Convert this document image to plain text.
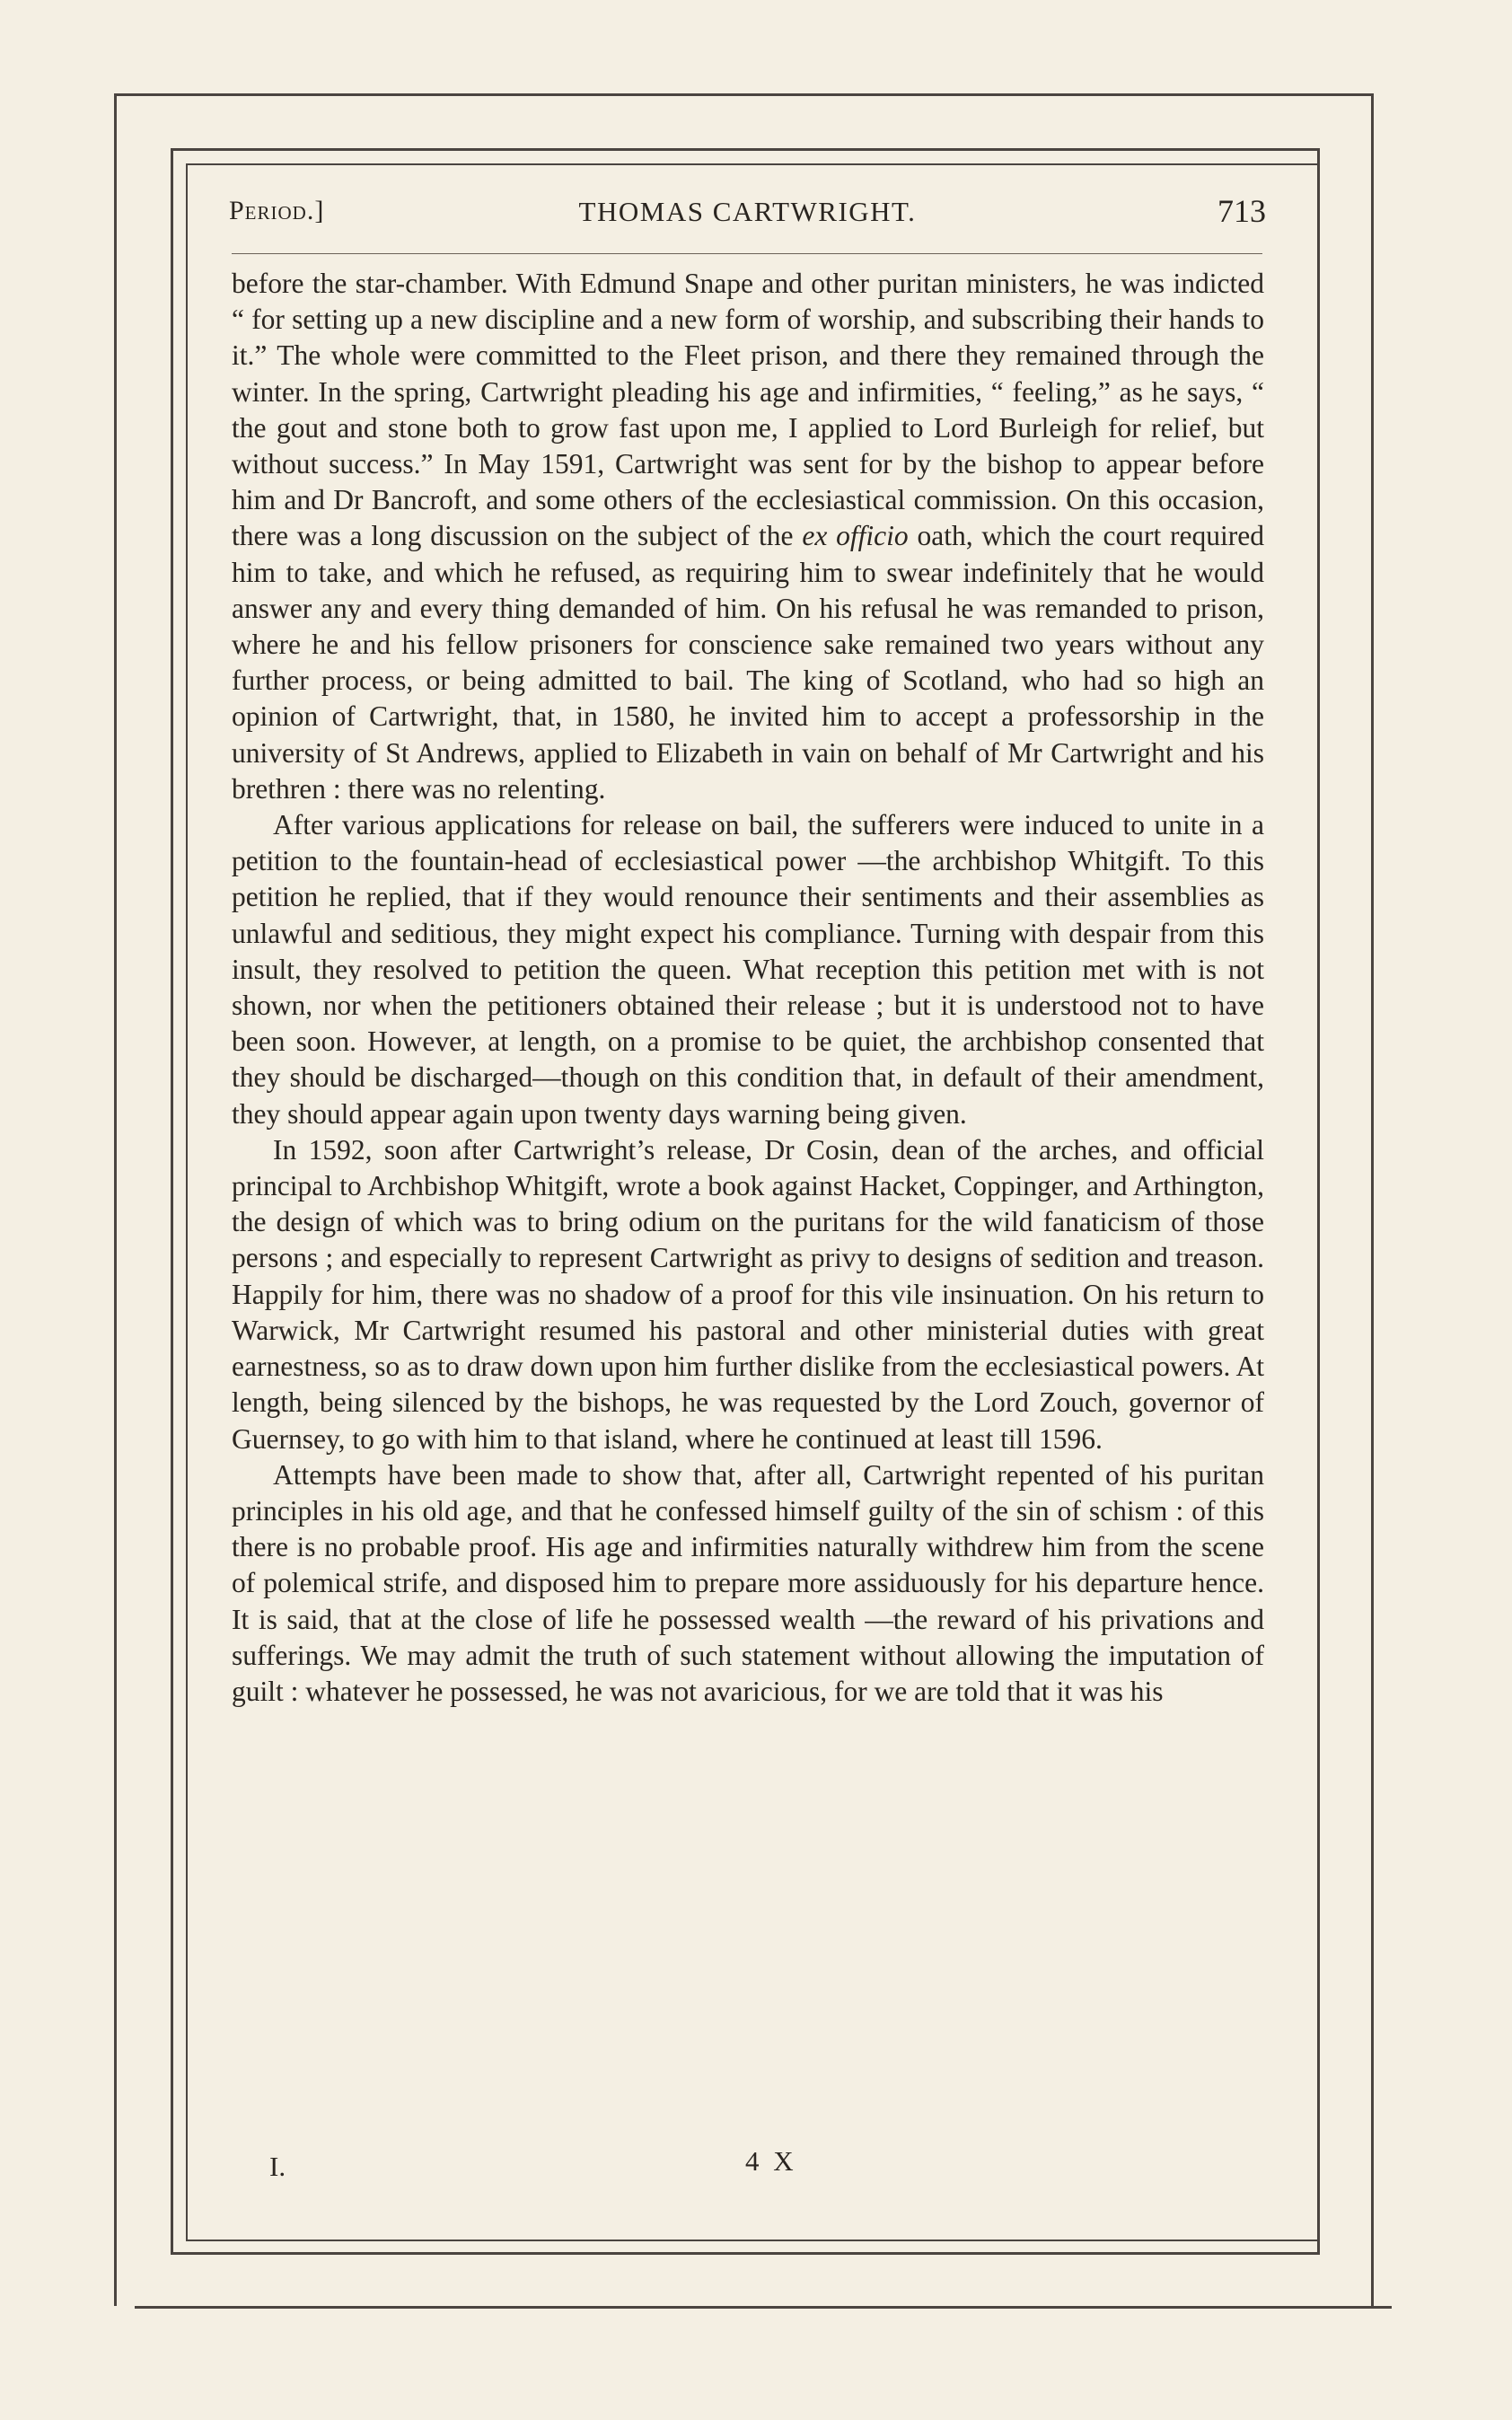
Period.]	THOMAS CARTWRIGHT.	713

before the star-chamber. With Edmund Snape and other puritan ministers, he was indicted “ for setting up a new discipline and a new form of worship, and subscribing their hands to it.” The whole were committed to the Fleet prison, and there they remained through the winter. In the spring, Cartwright pleading his age and infirmities, “ feeling,” as he says, “ the gout and stone both to grow fast upon me, I applied to Lord Burleigh for relief, but without success.” In May 1591, Cartwright was sent for by the bishop to appear before him and Dr Bancroft, and some others of the ecclesiastical commission. On this occasion, there was a long discussion on the subject of the ex officio oath, which the court required him to take, and which he refused, as requiring him to swear indefinitely that he would answer any and every thing demanded of him. On his refusal he was remanded to prison, where he and his fellow prisoners for conscience sake remained two years without any further process, or being admitted to bail. The king of Scotland, who had so high an opinion of Cartwright, that, in 1580, he invited him to accept a professorship in the university of St Andrews, applied to Elizabeth in vain on behalf of Mr Cartwright and his brethren : there was no relenting.

After various applications for release on bail, the sufferers were induced to unite in a petition to the fountain-head of ecclesiastical power —the archbishop Whitgift. To this petition he replied, that if they would renounce their sentiments and their assemblies as unlawful and seditious, they might expect his compliance. Turning with despair from this insult, they resolved to petition the queen. What reception this petition met with is not shown, nor when the petitioners obtained their release ; but it is understood not to have been soon. However, at length, on a promise to be quiet, the archbishop consented that they should be discharged—though on this condition that, in default of their amendment, they should appear again upon twenty days warning being given.

In 1592, soon after Cartwright’s release, Dr Cosin, dean of the arches, and official principal to Archbishop Whitgift, wrote a book against Hacket, Coppinger, and Arthington, the design of which was to bring odium on the puritans for the wild fanaticism of those persons ; and especially to represent Cartwright as privy to designs of sedition and treason. Happily for him, there was no shadow of a proof for this vile insinuation. On his return to Warwick, Mr Cartwright resumed his pastoral and other ministerial duties with great earnestness, so as to draw down upon him further dislike from the ecclesiastical powers. At length, being silenced by the bishops, he was requested by the Lord Zouch, governor of Guernsey, to go with him to that island, where he continued at least till 1596.

Attempts have been made to show that, after all, Cartwright repented of his puritan principles in his old age, and that he confessed himself guilty of the sin of schism : of this there is no probable proof. His age and infirmities naturally withdrew him from the scene of polemical strife, and disposed him to prepare more assiduously for his departure hence. It is said, that at the close of life he possessed wealth —the reward of his privations and sufferings. We may admit the truth of such statement without allowing the imputation of guilt : whatever he possessed, he was not avaricious, for we are told that it was his

I.	4 X
